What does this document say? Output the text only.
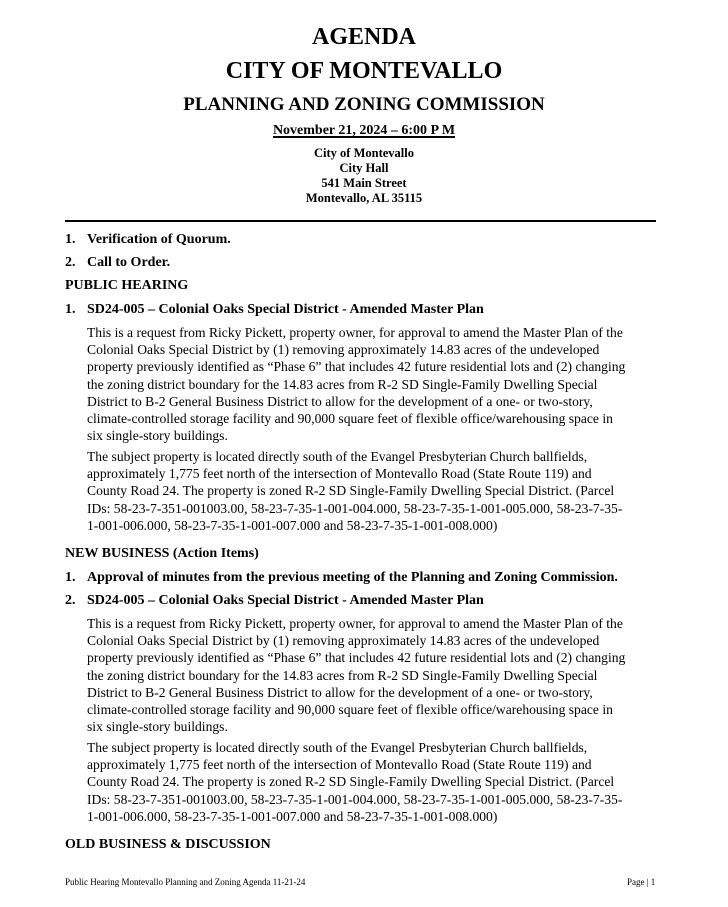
AGENDA
CITY OF MONTEVALLO
PLANNING AND ZONING COMMISSION
November 21, 2024 – 6:00 P M
City of Montevallo
City Hall
541 Main Street
Montevallo, AL 35115
1. Verification of Quorum.
2. Call to Order.
PUBLIC HEARING
1. SD24-005 – Colonial Oaks Special District - Amended Master Plan
This is a request from Ricky Pickett, property owner, for approval to amend the Master Plan of the
Colonial Oaks Special District by (1) removing approximately 14.83 acres of the undeveloped
property previously identified as “Phase 6” that includes 42 future residential lots and (2) changing
the zoning district boundary for the 14.83 acres from R-2 SD Single-Family Dwelling Special
District to B-2 General Business District to allow for the development of a one- or two-story,
climate-controlled storage facility and 90,000 square feet of flexible office/warehousing space in
six single-story buildings.
The subject property is located directly south of the Evangel Presbyterian Church ballfields,
approximately 1,775 feet north of the intersection of Montevallo Road (State Route 119) and
County Road 24. The property is zoned R-2 SD Single-Family Dwelling Special District. (Parcel
IDs: 58-23-7-351-001003.00, 58-23-7-35-1-001-004.000, 58-23-7-35-1-001-005.000, 58-23-7-35-
1-001-006.000, 58-23-7-35-1-001-007.000 and 58-23-7-35-1-001-008.000)
NEW BUSINESS (Action Items)
1. Approval of minutes from the previous meeting of the Planning and Zoning Commission.
2. SD24-005 – Colonial Oaks Special District - Amended Master Plan
This is a request from Ricky Pickett, property owner, for approval to amend the Master Plan of the
Colonial Oaks Special District by (1) removing approximately 14.83 acres of the undeveloped
property previously identified as “Phase 6” that includes 42 future residential lots and (2) changing
the zoning district boundary for the 14.83 acres from R-2 SD Single-Family Dwelling Special
District to B-2 General Business District to allow for the development of a one- or two-story,
climate-controlled storage facility and 90,000 square feet of flexible office/warehousing space in
six single-story buildings.
The subject property is located directly south of the Evangel Presbyterian Church ballfields,
approximately 1,775 feet north of the intersection of Montevallo Road (State Route 119) and
County Road 24. The property is zoned R-2 SD Single-Family Dwelling Special District. (Parcel
IDs: 58-23-7-351-001003.00, 58-23-7-35-1-001-004.000, 58-23-7-35-1-001-005.000, 58-23-7-35-
1-001-006.000, 58-23-7-35-1-001-007.000 and 58-23-7-35-1-001-008.000)
OLD BUSINESS & DISCUSSION
Public Hearing Montevallo Planning and Zoning Agenda 11-21-24	Page | 1
